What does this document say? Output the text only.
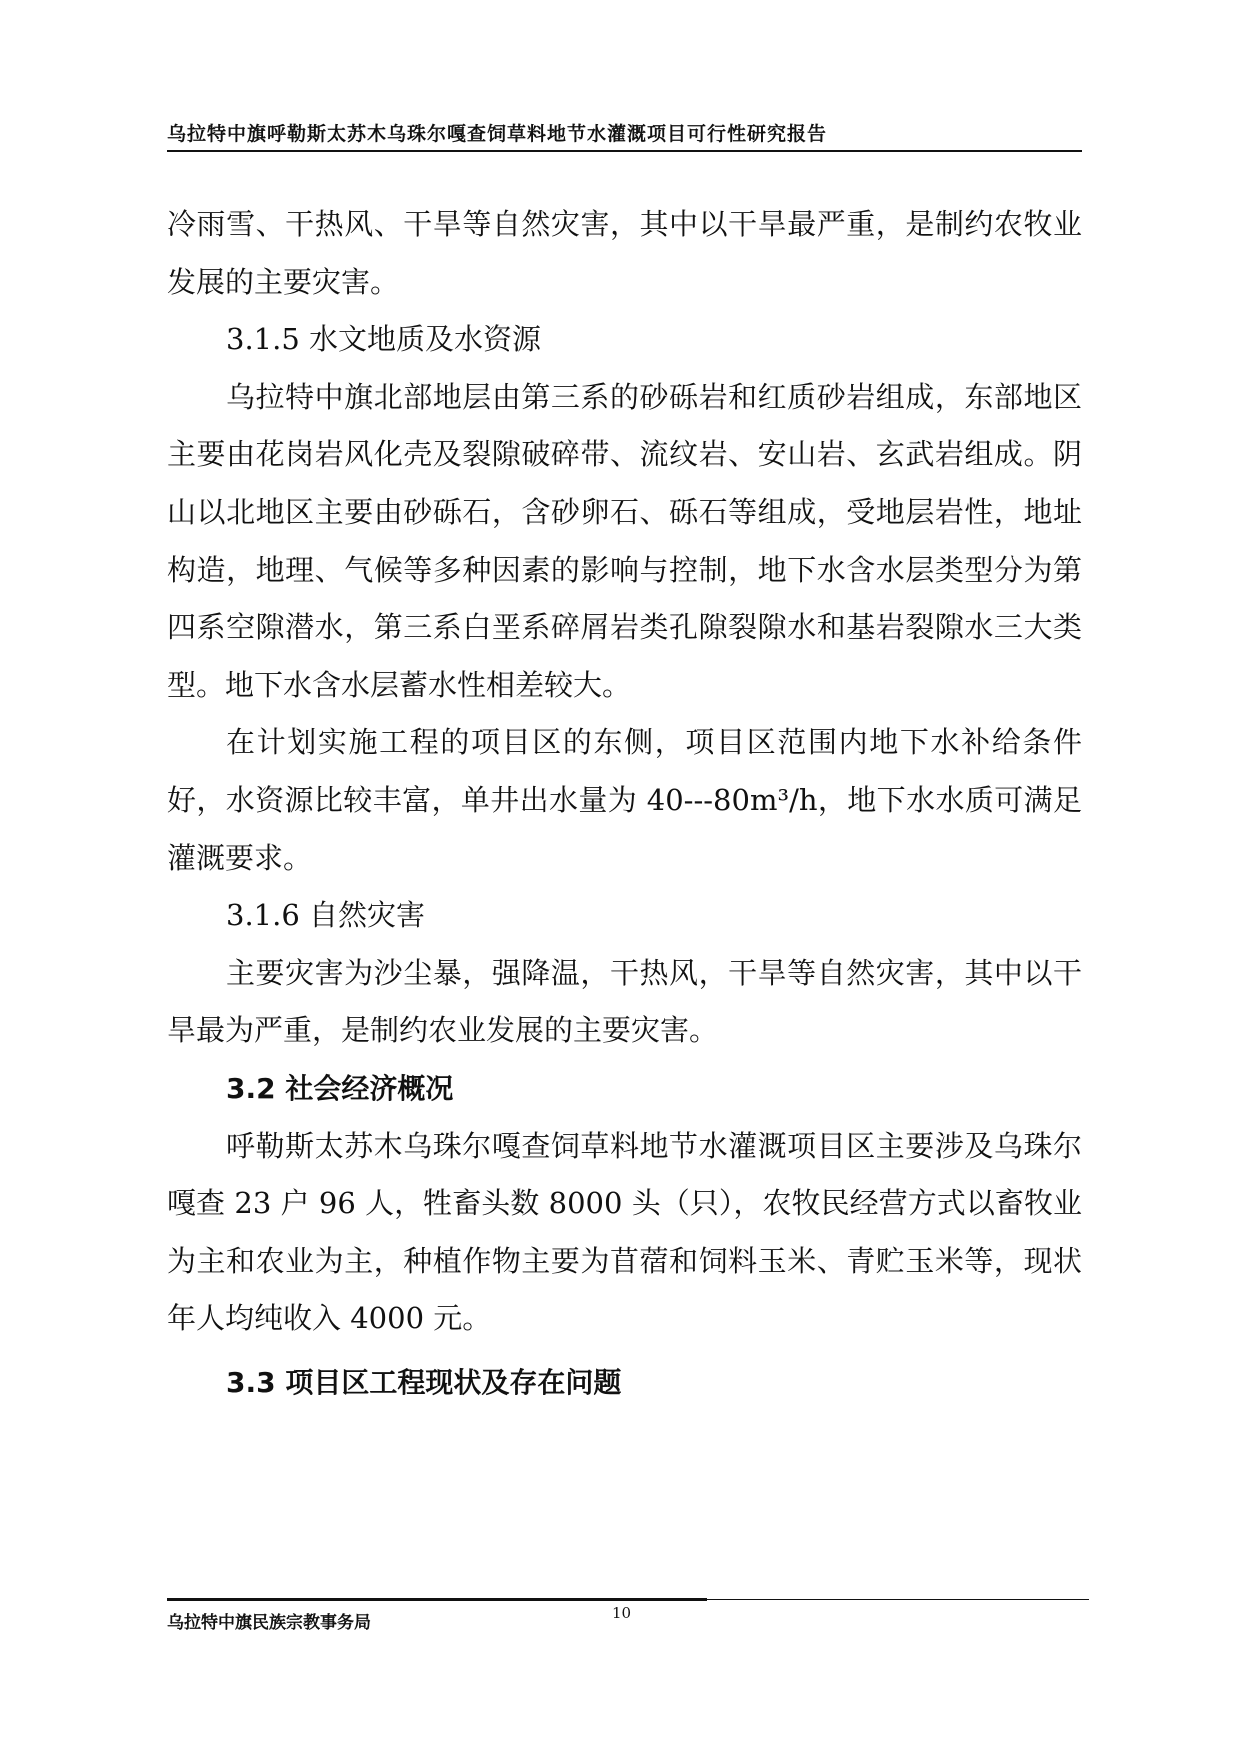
乌拉特中旗呼勒斯太苏木乌珠尔嘎查饲草料地节水灌溉项目可行性研究报告

冷雨雪、干热风、干旱等自然灾害，其中以干旱最严重，是制约农牧业发展的主要灾害。

3.1.5 水文地质及水资源

乌拉特中旗北部地层由第三系的砂砾岩和红质砂岩组成，东部地区主要由花岗岩风化壳及裂隙破碎带、流纹岩、安山岩、玄武岩组成。阴山以北地区主要由砂砾石，含砂卵石、砾石等组成，受地层岩性，地址构造，地理、气候等多种因素的影响与控制，地下水含水层类型分为第四系空隙潜水，第三系白垩系碎屑岩类孔隙裂隙水和基岩裂隙水三大类型。地下水含水层蓄水性相差较大。

在计划实施工程的项目区的东侧，项目区范围内地下水补给条件好，水资源比较丰富，单井出水量为 40---80m³/h，地下水水质可满足灌溉要求。

3.1.6 自然灾害

主要灾害为沙尘暴，强降温，干热风，干旱等自然灾害，其中以干旱最为严重，是制约农业发展的主要灾害。

3.2 社会经济概况

呼勒斯太苏木乌珠尔嘎查饲草料地节水灌溉项目区主要涉及乌珠尔嘎查 23 户 96 人，牲畜头数 8000 头（只），农牧民经营方式以畜牧业为主和农业为主，种植作物主要为苜蓿和饲料玉米、青贮玉米等，现状年人均纯收入 4000 元。

3.3 项目区工程现状及存在问题

乌拉特中旗民族宗教事务局	10
